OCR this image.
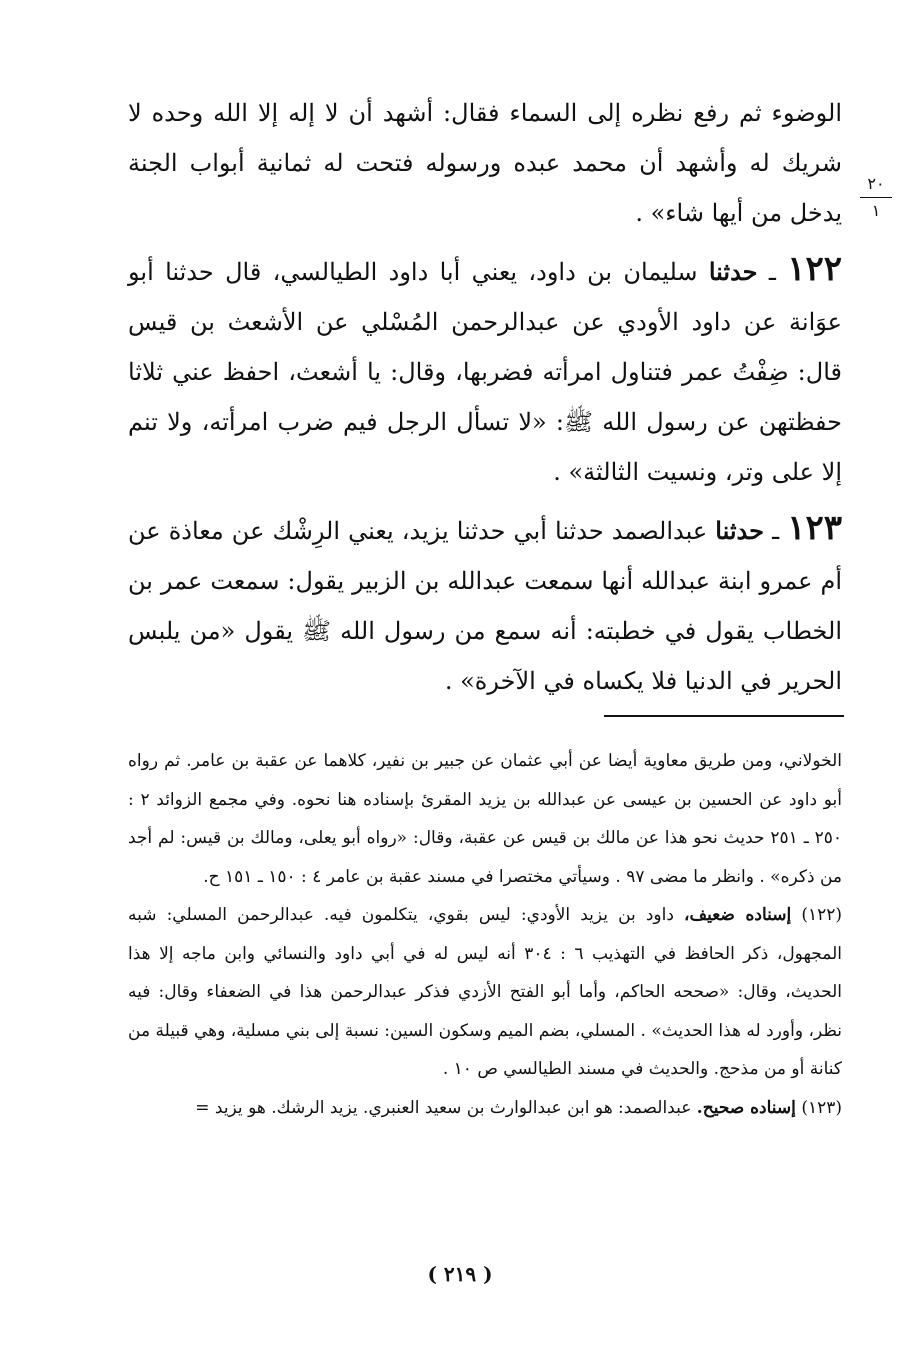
الوضوء ثم رفع نظره إلى السماء فقال: أشهد أن لا إله إلا الله وحده لا شريك له وأشهد أن محمد عبده ورسوله فتحت له ثمانية أبواب الجنة يدخل من أيها شاء» .

١٢٢ ـ حدثنا سليمان بن داود، يعني أبا داود الطيالسي، قال حدثنا أبو عوَانة عن داود الأودي عن عبدالرحمن المُسْلي عن الأشعث بن قيس قال: ضِفْتُ عمر فتناول امرأته فضربها، وقال: يا أشعث، احفظ عني ثلاثا حفظتهن عن رسول الله ﷺ: «لا تسأل الرجل فيم ضرب امرأته، ولا تنم إلا على وتر، ونسيت الثالثة» .

١٢٣ ـ حدثنا عبدالصمد حدثنا أبي حدثنا يزيد، يعني الرِشْك عن معاذة عن أم عمرو ابنة عبدالله أنها سمعت عبدالله بن الزبير يقول: سمعت عمر بن الخطاب يقول في خطبته: أنه سمع من رسول الله ﷺ يقول «من يلبس الحرير في الدنيا فلا يكساه في الآخرة» .

٢٠
١

الخولاني، ومن طريق معاوية أيضا عن أبي عثمان عن جبير بن نفير، كلاهما عن عقبة بن عامر. ثم رواه أبو داود عن الحسين بن عيسى عن عبدالله بن يزيد المقرئ بإسناده هنا نحوه. وفي مجمع الزوائد ٢ : ٢٥٠ ـ ٢٥١ حديث نحو هذا عن مالك بن قيس عن عقبة، وقال: «رواه أبو يعلى، ومالك بن قيس: لم أجد من ذكره» . وانظر ما مضى ٩٧ . وسيأتي مختصرا في مسند عقبة بن عامر ٤ : ١٥٠ ـ ١٥١ ح.

(١٢٢) إسناده ضعيف، داود بن يزيد الأودي: ليس بقوي، يتكلمون فيه. عبدالرحمن المسلي: شبه المجهول، ذكر الحافظ في التهذيب ٦ : ٣٠٤ أنه ليس له في أبي داود والنسائي وابن ماجه إلا هذا الحديث، وقال: «صححه الحاكم، وأما أبو الفتح الأزدي فذكر عبدالرحمن هذا في الضعفاء وقال: فيه نظر، وأورد له هذا الحديث» . المسلي، بضم الميم وسكون السين: نسبة إلى بني مسلية، وهي قبيلة من كنانة أو من مذحج. والحديث في مسند الطيالسي ص ١٠ .

(١٢٣) إسناده صحيح. عبدالصمد: هو ابن عبدالوارث بن سعيد العنبري. يزيد الرشك. هو يزيد =

( ٢١٩ )
